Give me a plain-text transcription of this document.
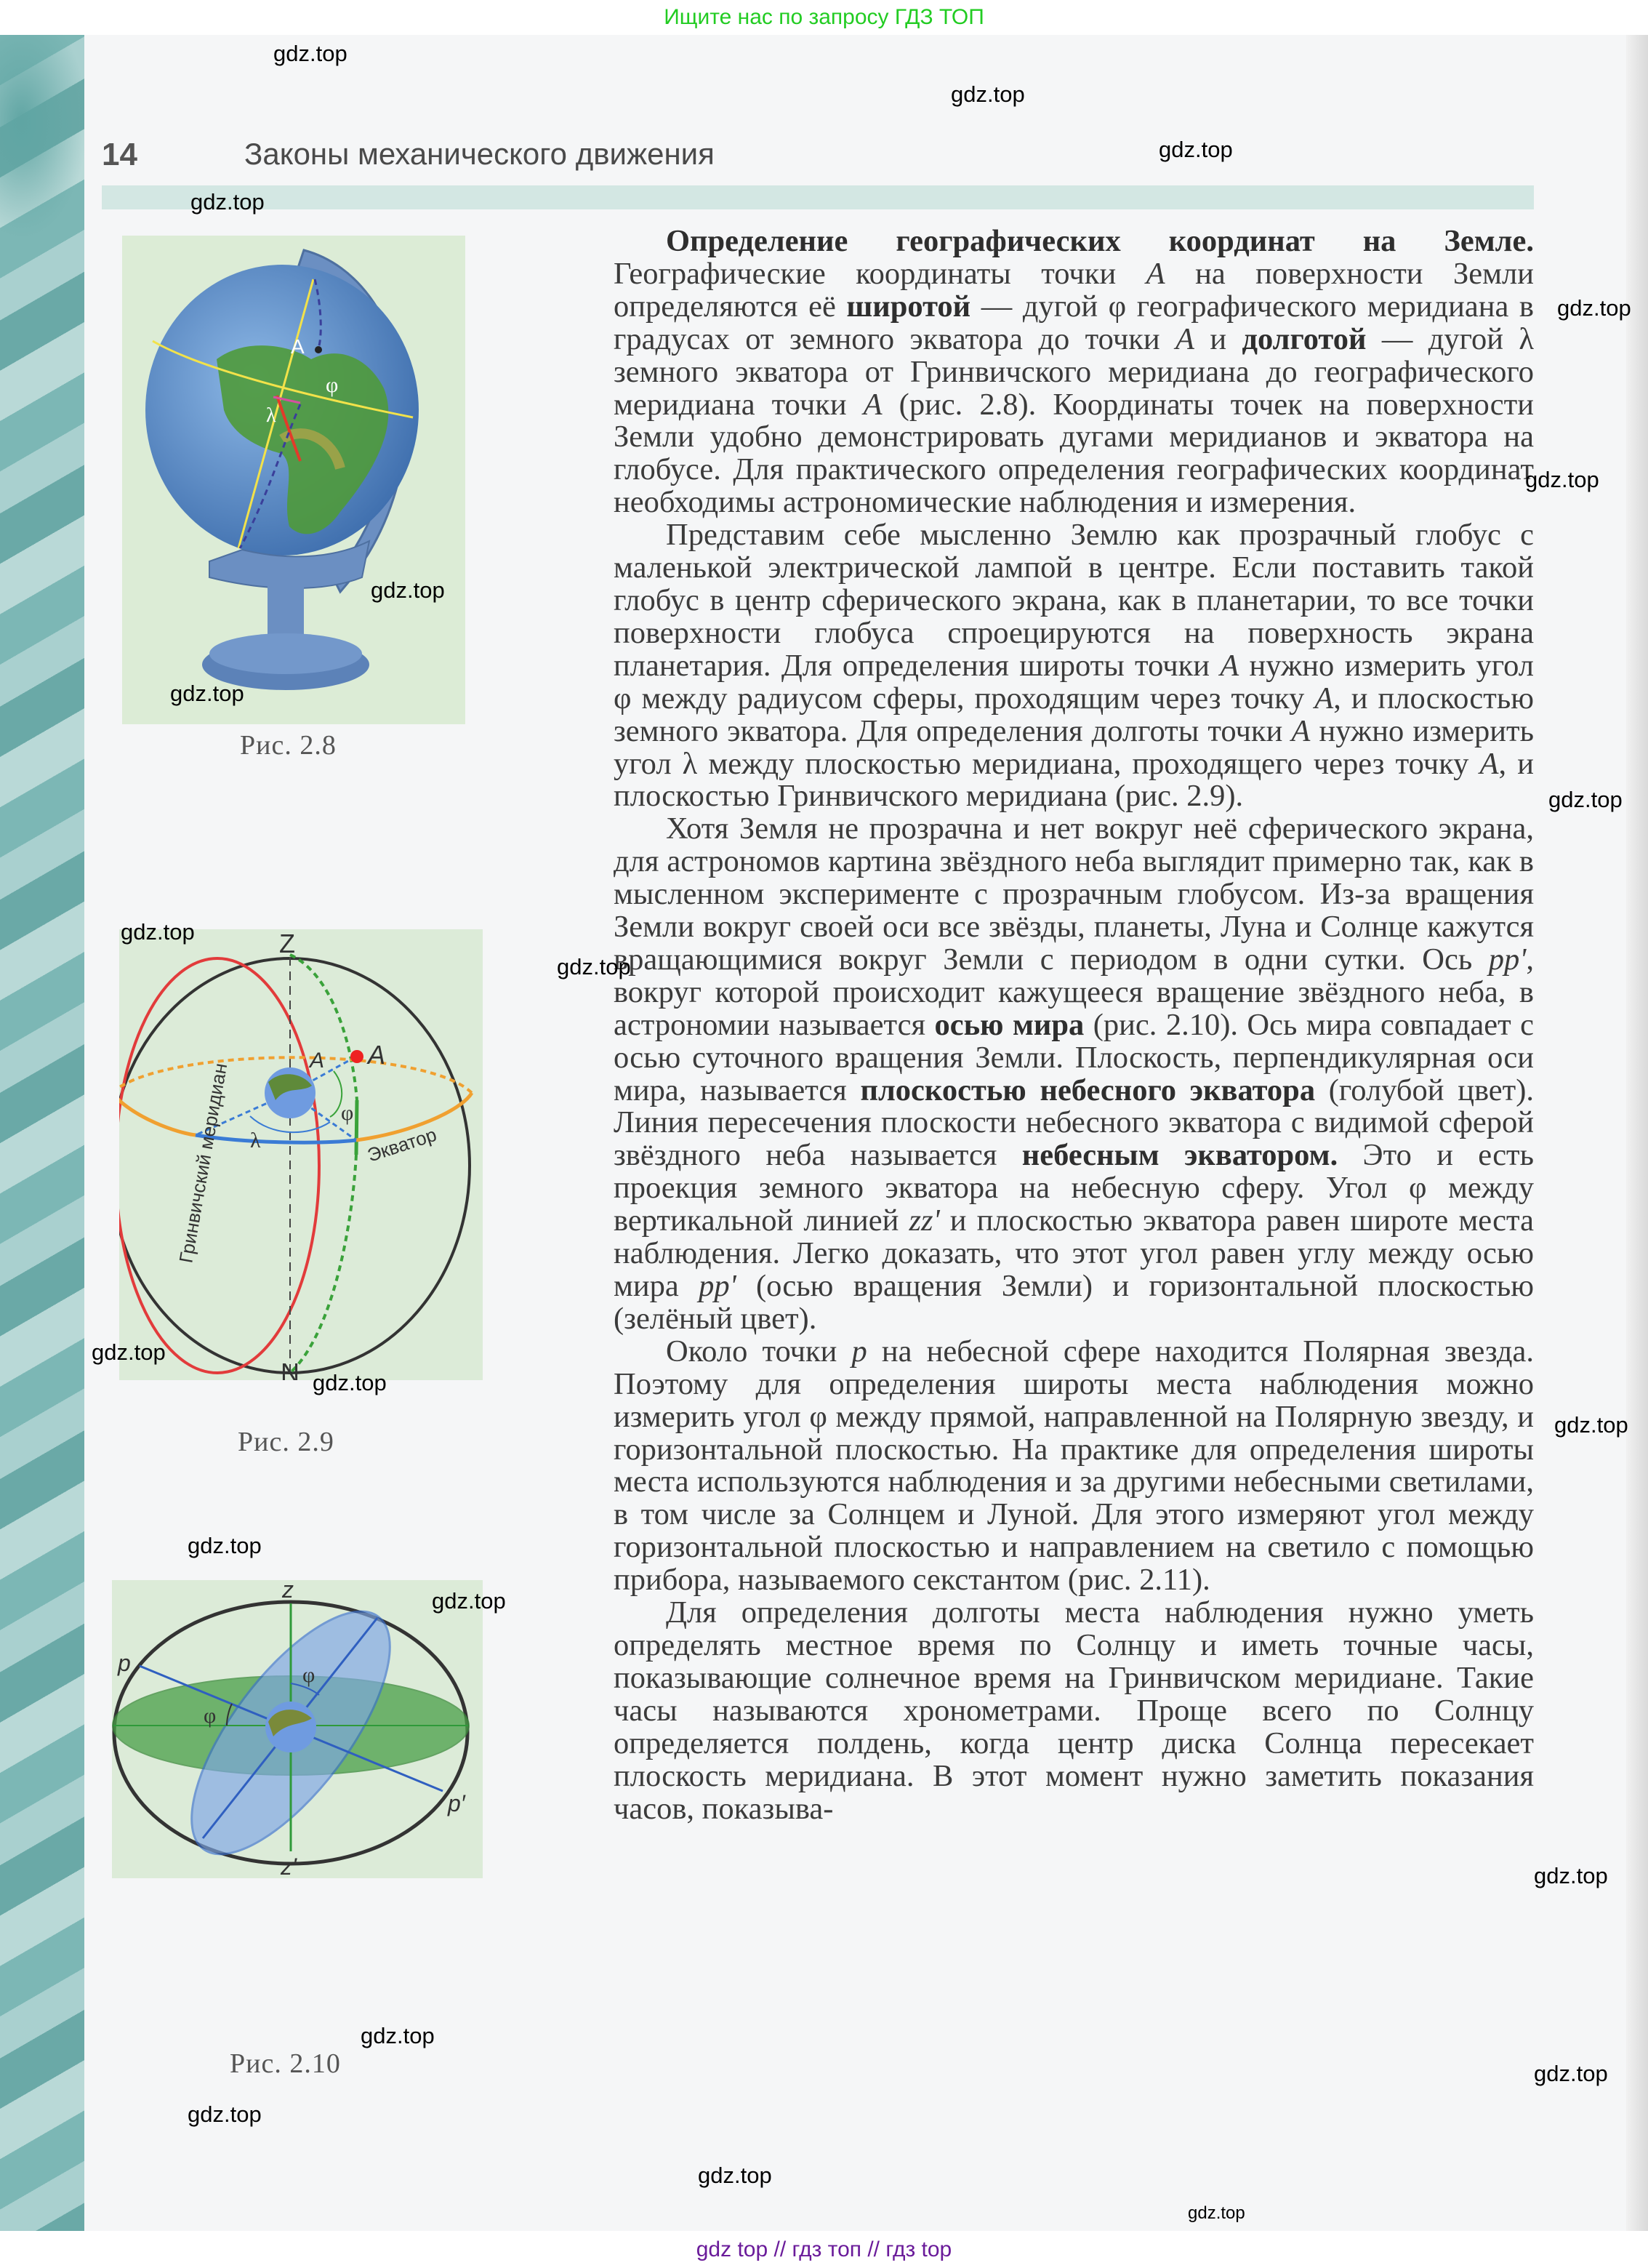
Ищите нас по запросу ГДЗ ТОП
14	Законы механического движения
A
φ
λ
Рис. 2.8
Z
N
A A
φ
λ
Гринвичский меридиан	Экватор
Рис. 2.9
z
z′
p
p′
φ
φ
Рис. 2.10

Определение географических координат на Земле. Географические координаты точки A на поверхности Земли определяются её широтой — дугой φ географического меридиана в градусах от земного экватора до точки A и долготой — дугой λ земного экватора от Гринвичского меридиана до географического меридиана точки A (рис. 2.8). Координаты точек на поверхности Земли удобно демонстрировать дугами меридианов и экватора на глобусе. Для практического определения географических координат необходимы астрономические наблюдения и измерения.

Представим себе мысленно Землю как прозрачный глобус с маленькой электрической лампой в центре. Если поставить такой глобус в центр сферического экрана, как в планетарии, то все точки поверхности глобуса спроецируются на поверхность экрана планетария. Для определения широты точки A нужно измерить угол φ между радиусом сферы, проходящим через точку A, и плоскостью земного экватора. Для определения долготы точки A нужно измерить угол λ между плоскостью меридиана, проходящего через точку A, и плоскостью Гринвичского меридиана (рис. 2.9).

Хотя Земля не прозрачна и нет вокруг неё сферического экрана, для астрономов картина звёздного неба выглядит примерно так, как в мысленном эксперименте с прозрачным глобусом. Из-за вращения Земли вокруг своей оси все звёзды, планеты, Луна и Солнце кажутся вращающимися вокруг Земли с периодом в одни сутки. Ось pp', вокруг которой происходит кажущееся вращение звёздного неба, в астрономии называется осью мира (рис. 2.10). Ось мира совпадает с осью суточного вращения Земли. Плоскость, перпендикулярная оси мира, называется плоскостью небесного экватора (голубой цвет). Линия пересечения плоскости небесного экватора с видимой сферой звёздного неба называется небесным экватором. Это и есть проекция земного экватора на небесную сферу. Угол φ между вертикальной линией zz' и плоскостью экватора равен широте места наблюдения. Легко доказать, что этот угол равен углу между осью мира pp' (осью вращения Земли) и горизонтальной плоскостью (зелёный цвет).

Около точки p на небесной сфере находится Полярная звезда. Поэтому для определения широты места наблюдения можно измерить угол φ между прямой, направленной на Полярную звезду, и горизонтальной плоскостью. На практике для определения широты места используются наблюдения и за другими небесными светилами, в том числе за Солнцем и Луной. Для этого измеряют угол между горизонтальной плоскостью и направлением на светило с помощью прибора, называемого секстантом (рис. 2.11).

Для определения долготы места наблюдения нужно уметь определять местное время по Солнцу и иметь точные часы, показывающие солнечное время на Гринвичском меридиане. Такие часы называются хронометрами. Проще всего по Солнцу определяется полдень, когда центр диска Солнца пересекает плоскость меридиана. В этот момент нужно заметить показания часов, показыва-

gdz.top
gdz.top
gdz.top
gdz.top
gdz.top
gdz.top
gdz.top
gdz.top
gdz.top
gdz.top
gdz.top
gdz.top
gdz.top
gdz.top
gdz.top
gdz.top
gdz.top
gdz.top
gdz.top
gdz.top
gdz.top
gdz.top
gdz top // гдз топ // гдз top
